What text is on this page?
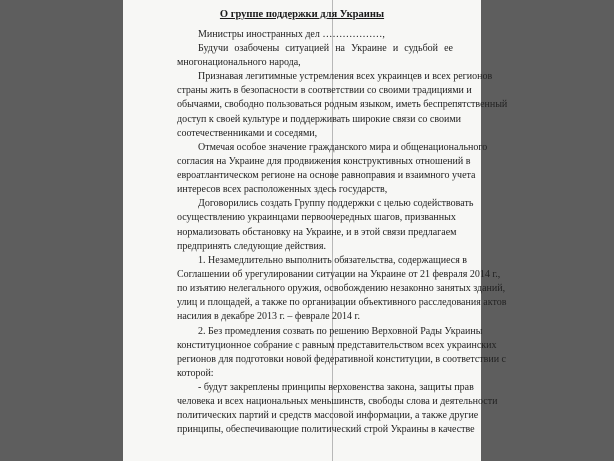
О группе поддержки для Украины
Министры иностранных дел ………………,
Будучи озабочены ситуацией на Украине и судьбой ее
многонационального народа,
Признавая легитимные устремления всех украинцев и всех регионов
страны жить в безопасности в соответствии со своими традициями и
обычаями, свободно пользоваться родным языком, иметь беспрепятственный
доступ к своей культуре и поддерживать широкие связи со своими
соотечественниками и соседями,
Отмечая особое значение гражданского мира и общенационального
согласия на Украине для продвижения конструктивных отношений в
евроатлантическом регионе на основе равноправия и взаимного учета
интересов всех расположенных здесь государств,
Договорились создать Группу поддержки с целью содействовать
осуществлению украинцами первоочередных шагов, призванных
нормализовать обстановку на Украине, и в этой связи предлагаем
предпринять следующие действия.
1. Незамедлительно выполнить обязательства, содержащиеся в
Соглашении об урегулировании ситуации на Украине от 21 февраля 2014 г.,
по изъятию нелегального оружия, освобождению незаконно занятых зданий,
улиц и площадей, а также по организации объективного расследования актов
насилия в декабре 2013 г. – феврале 2014 г.
2. Без промедления созвать по решению Верховной Рады Украины
конституционное собрание с равным представительством всех украинских
регионов для подготовки новой федеративной конституции, в соответствии с
которой:
- будут закреплены принципы верховенства закона, защиты прав
человека и всех национальных меньшинств, свободы слова и деятельности
политических партий и средств массовой информации, а также другие
принципы, обеспечивающие политический строй Украины в качестве
